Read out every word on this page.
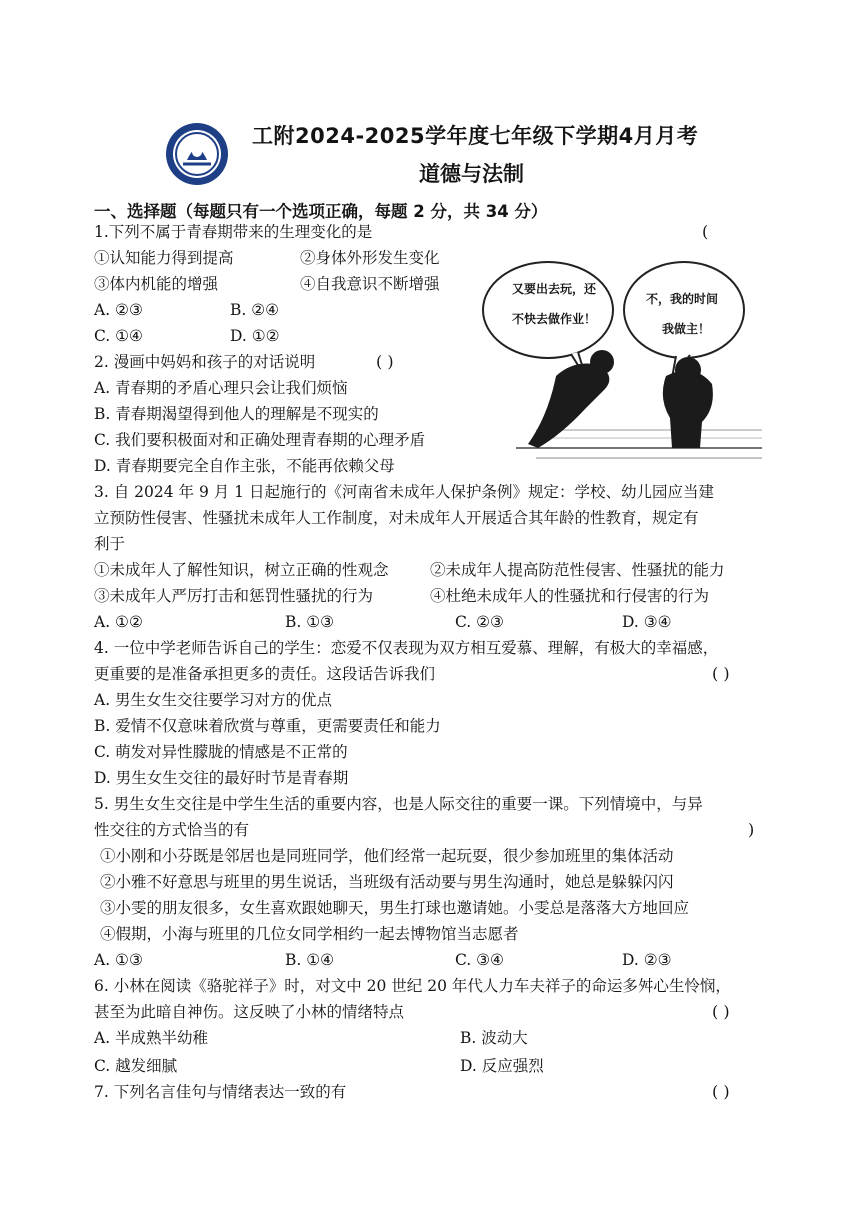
工附2024-2025学年度七年级下学期4月月考
道德与法制
一、选择题（每题只有一个选项正确，每题 2 分，共 34 分）
1.下列不属于青春期带来的生理变化的是	(
①认知能力得到提高	②身体外形发生变化
③体内机能的增强	④自我意识不断增强
A. ②③	B. ②④
C. ①④	D. ①②
2. 漫画中妈妈和孩子的对话说明	( )
A. 青春期的矛盾心理只会让我们烦恼
B. 青春期渴望得到他人的理解是不现实的
C. 我们要积极面对和正确处理青春期的心理矛盾
D. 青春期要完全自作主张，不能再依赖父母
又要出去玩，还
不快去做作业！
不，我的时间
我做主！
3. 自 2024 年 9 月 1 日起施行的《河南省未成年人保护条例》规定：学校、幼儿园应当建
立预防性侵害、性骚扰未成年人工作制度，对未成年人开展适合其年龄的性教育，规定有
利于
①未成年人了解性知识，树立正确的性观念	②未成年人提高防范性侵害、性骚扰的能力
③未成年人严厉打击和惩罚性骚扰的行为	④杜绝未成年人的性骚扰和行侵害的行为
A. ①②	B. ①③	C. ②③	D. ③④
4. 一位中学老师告诉自己的学生：恋爱不仅表现为双方相互爱慕、理解，有极大的幸福感，
更重要的是准备承担更多的责任。这段话告诉我们	( )
A. 男生女生交往要学习对方的优点
B. 爱情不仅意味着欣赏与尊重，更需要责任和能力
C. 萌发对异性朦胧的情感是不正常的
D. 男生女生交往的最好时节是青春期
5. 男生女生交往是中学生生活的重要内容，也是人际交往的重要一课。下列情境中，与异
性交往的方式恰当的有	)
①小刚和小芬既是邻居也是同班同学，他们经常一起玩耍，很少参加班里的集体活动
②小雅不好意思与班里的男生说话，当班级有活动要与男生沟通时，她总是躲躲闪闪
③小雯的朋友很多，女生喜欢跟她聊天，男生打球也邀请她。小雯总是落落大方地回应
④假期，小海与班里的几位女同学相约一起去博物馆当志愿者
A. ①③	B. ①④	C. ③④	D. ②③
6. 小林在阅读《骆驼祥子》时，对文中 20 世纪 20 年代人力车夫祥子的命运多舛心生怜悯，
甚至为此暗自神伤。这反映了小林的情绪特点	( )
A. 半成熟半幼稚	B. 波动大
C. 越发细腻	D. 反应强烈
7. 下列名言佳句与情绪表达一致的有	( )
